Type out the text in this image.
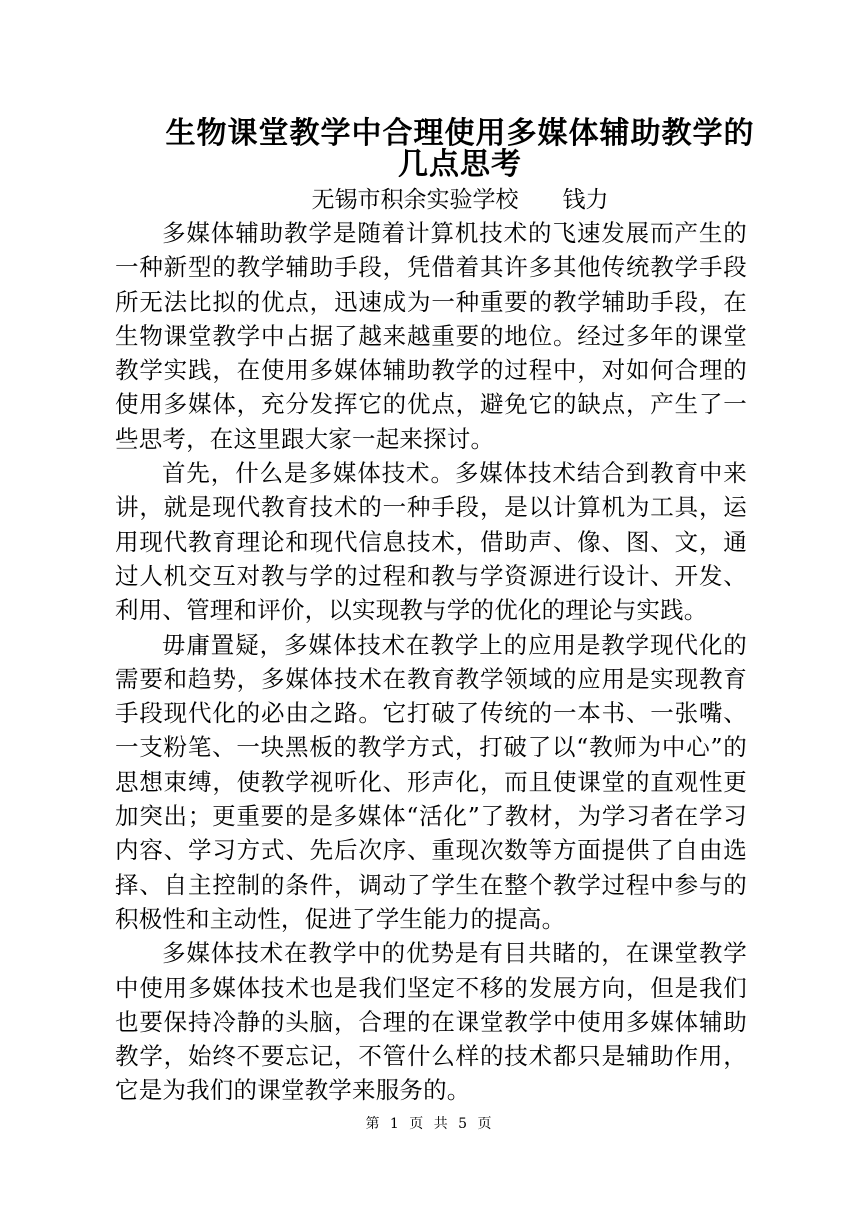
生物课堂教学中合理使用多媒体辅助教学的
几点思考
无锡市积余实验学校 钱力

多媒体辅助教学是随着计算机技术的飞速发展而产生的一种新型的教学辅助手段，凭借着其许多其他传统教学手段所无法比拟的优点，迅速成为一种重要的教学辅助手段，在生物课堂教学中占据了越来越重要的地位。经过多年的课堂教学实践，在使用多媒体辅助教学的过程中，对如何合理的使用多媒体，充分发挥它的优点，避免它的缺点，产生了一些思考，在这里跟大家一起来探讨。

首先，什么是多媒体技术。多媒体技术结合到教育中来讲，就是现代教育技术的一种手段，是以计算机为工具，运用现代教育理论和现代信息技术，借助声、像、图、文，通过人机交互对教与学的过程和教与学资源进行设计、开发、利用、管理和评价，以实现教与学的优化的理论与实践。

毋庸置疑，多媒体技术在教学上的应用是教学现代化的需要和趋势，多媒体技术在教育教学领域的应用是实现教育手段现代化的必由之路。它打破了传统的一本书、一张嘴、一支粉笔、一块黑板的教学方式，打破了以“教师为中心”的思想束缚，使教学视听化、形声化，而且使课堂的直观性更加突出；更重要的是多媒体“活化”了教材，为学习者在学习内容、学习方式、先后次序、重现次数等方面提供了自由选择、自主控制的条件，调动了学生在整个教学过程中参与的积极性和主动性，促进了学生能力的提高。

多媒体技术在教学中的优势是有目共睹的，在课堂教学中使用多媒体技术也是我们坚定不移的发展方向，但是我们也要保持冷静的头脑，合理的在课堂教学中使用多媒体辅助教学，始终不要忘记，不管什么样的技术都只是辅助作用，它是为我们的课堂教学来服务的。

第 1 页 共 5 页
